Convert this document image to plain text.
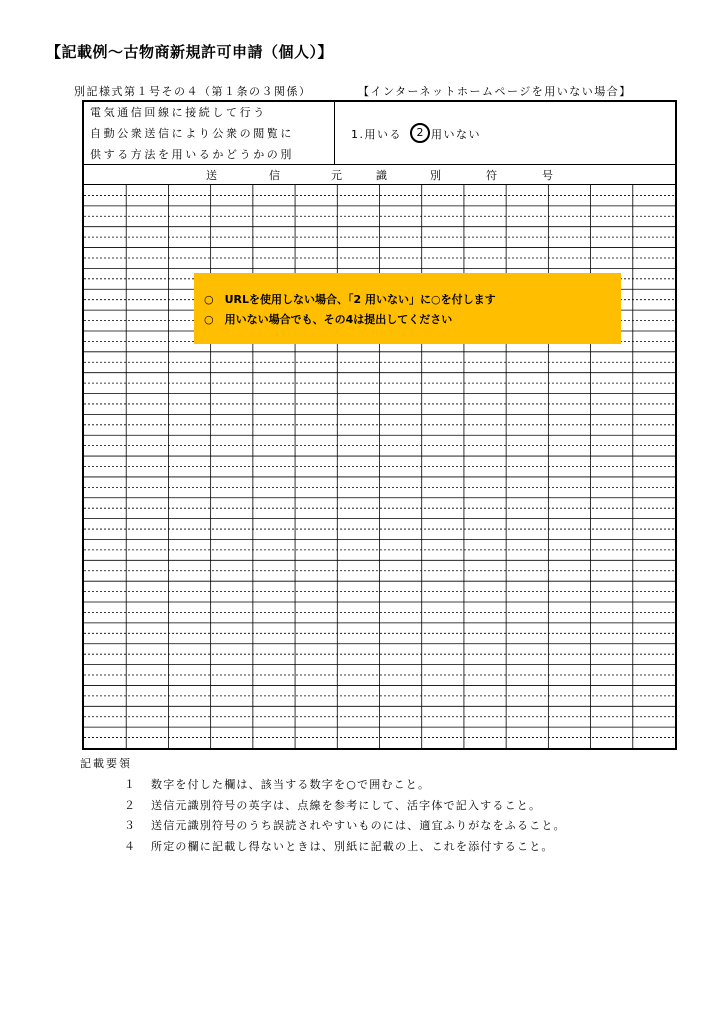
【記載例～古物商新規許可申請（個人）】
別記様式第１号その４（第１条の３関係）	【インターネットホームページを用いない場合】
電気通信回線に接続して行う
自動公衆送信により公衆の閲覧に
供する方法を用いるかどうかの別
1.用いる	2 用いない
送	信	元	識	別	符	号
○　URLを使用しない場合、「2 用いない」に○を付します
○　用いない場合でも、その4は提出してください
記載要領
１ 数字を付した欄は、該当する数字を○で囲むこと。
２ 送信元識別符号の英字は、点線を参考にして、活字体で記入すること。
３ 送信元識別符号のうち誤読されやすいものには、適宜ふりがなをふること。
４ 所定の欄に記載し得ないときは、別紙に記載の上、これを添付すること。
